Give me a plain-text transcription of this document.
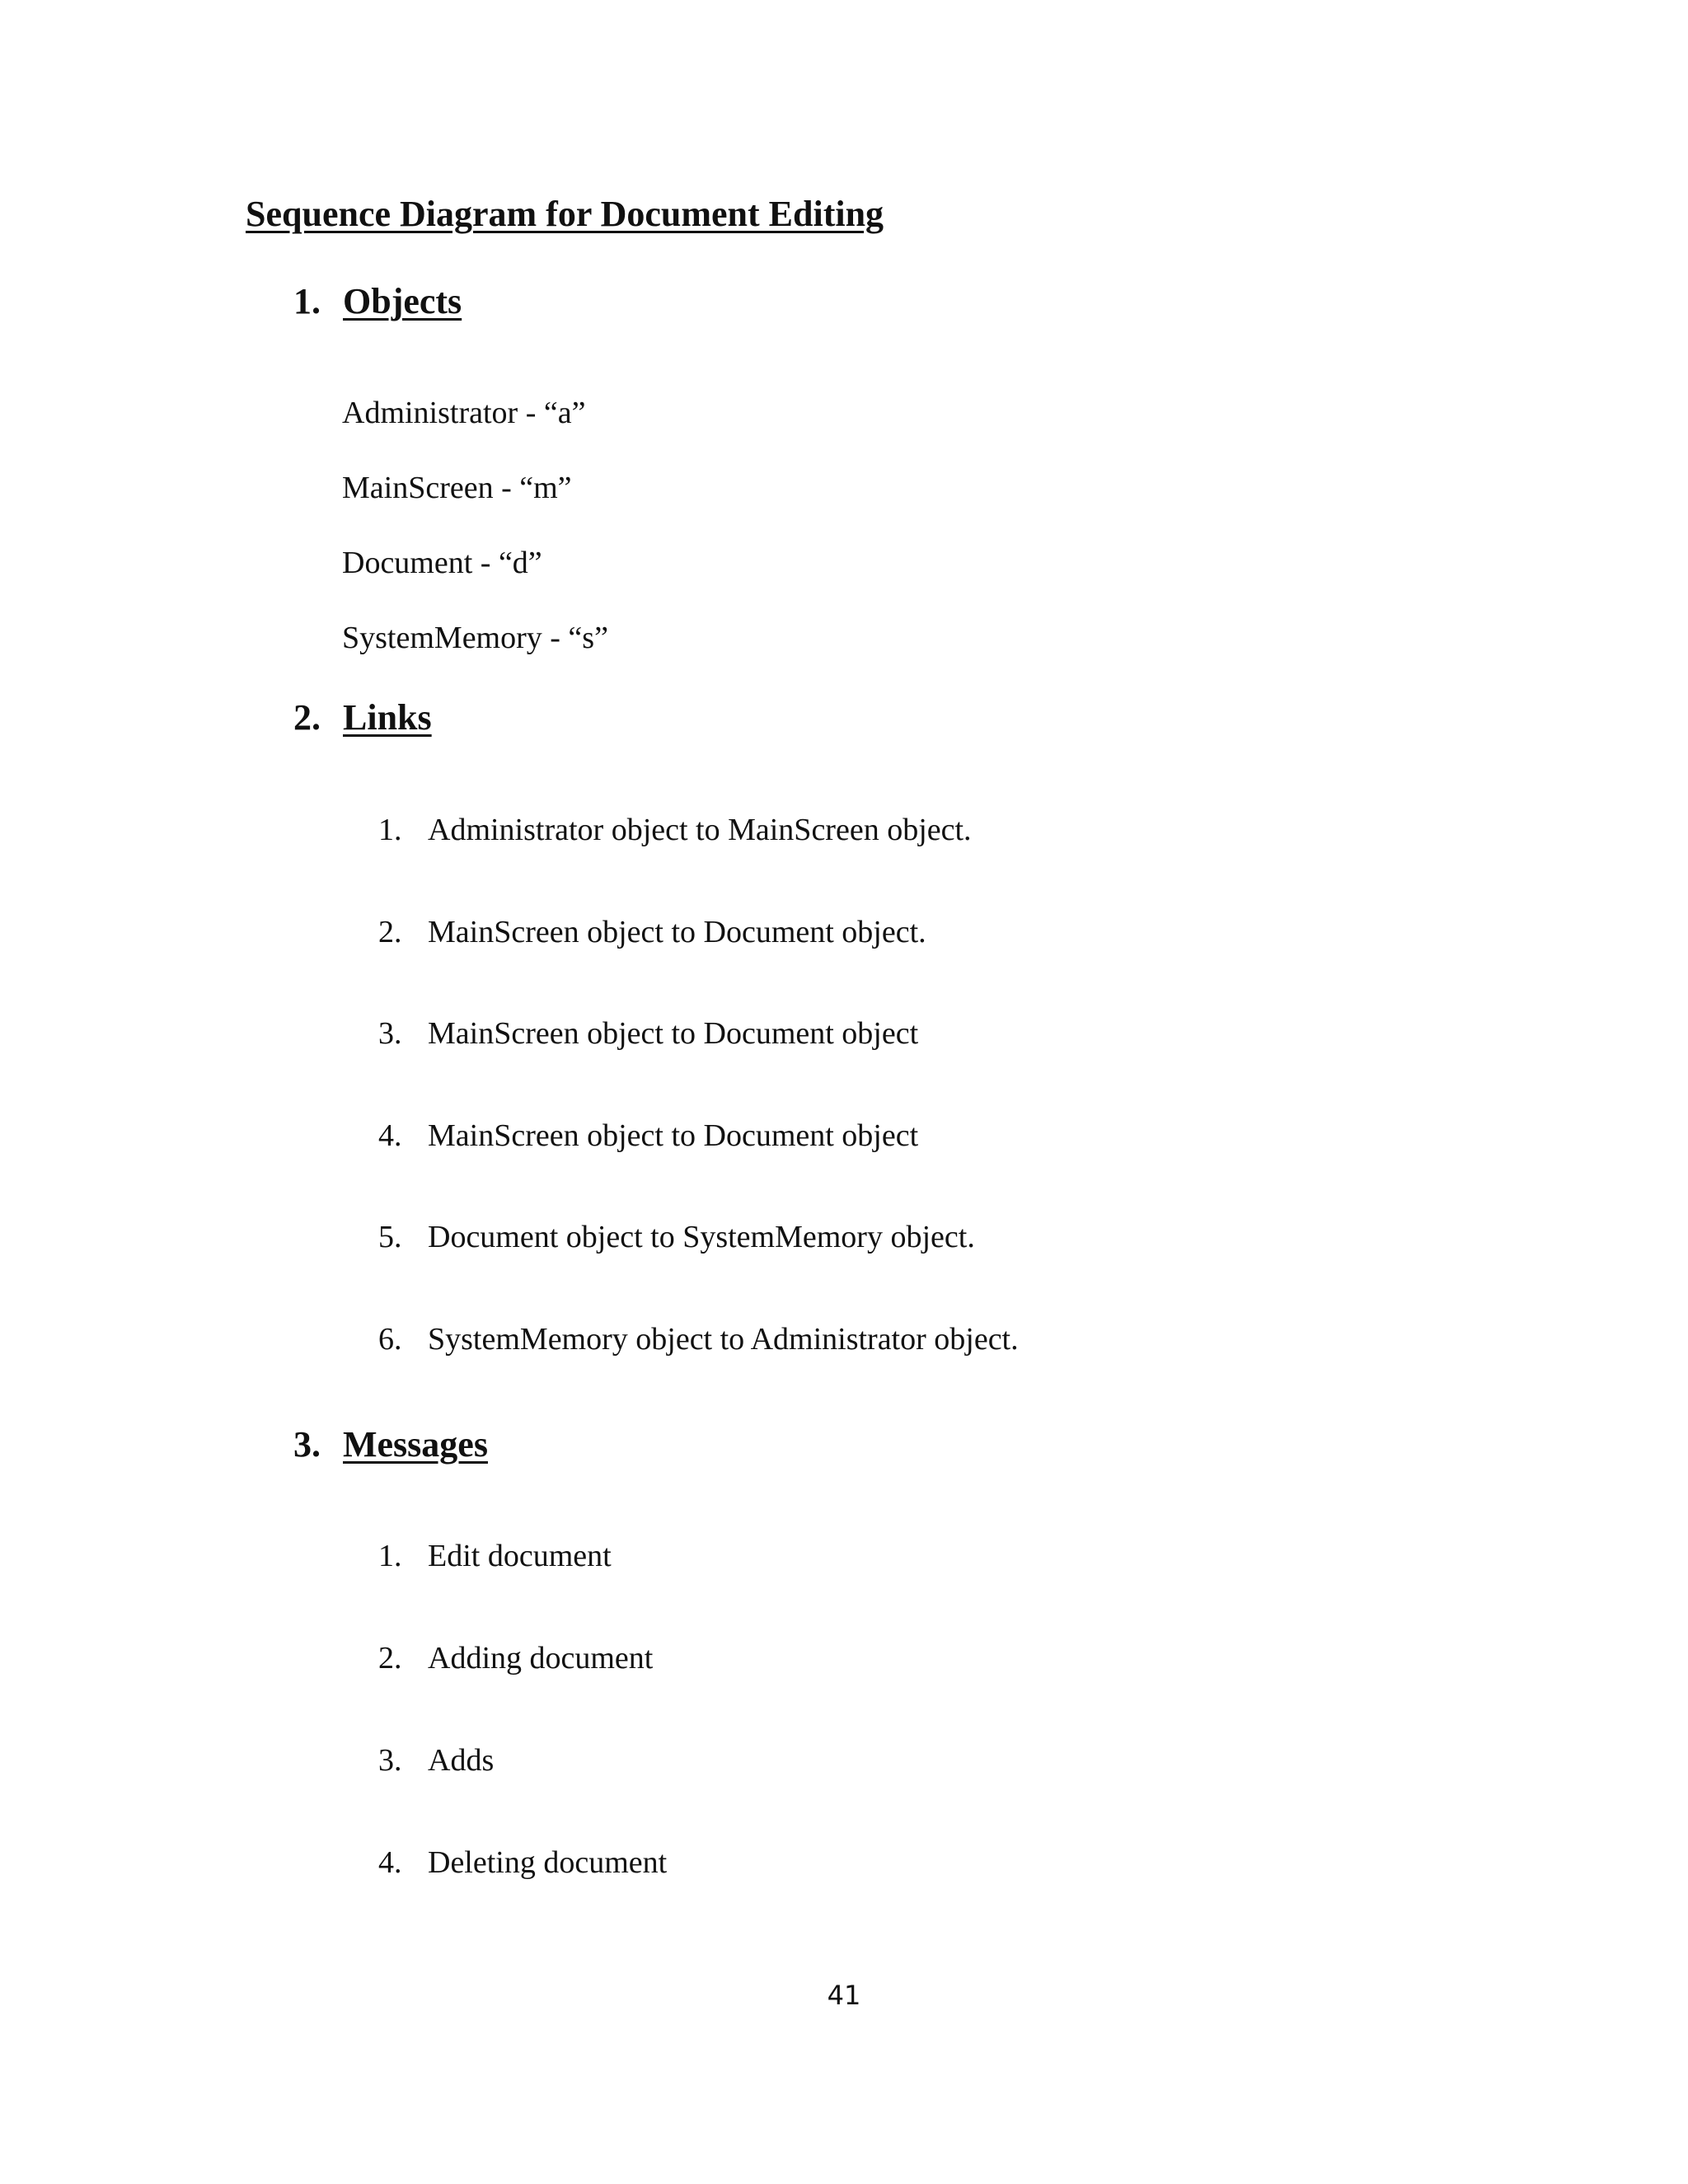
Sequence Diagram for Document Editing
1. Objects
Administrator - “a”
MainScreen - “m”
Document - “d”
SystemMemory - “s”
2. Links
1. Administrator object to MainScreen object.
2. MainScreen object to Document object.
3. MainScreen object to Document object
4. MainScreen object to Document object
5. Document object to SystemMemory object.
6. SystemMemory object to Administrator object.
3. Messages
1. Edit document
2. Adding document
3. Adds
4. Deleting document
41
